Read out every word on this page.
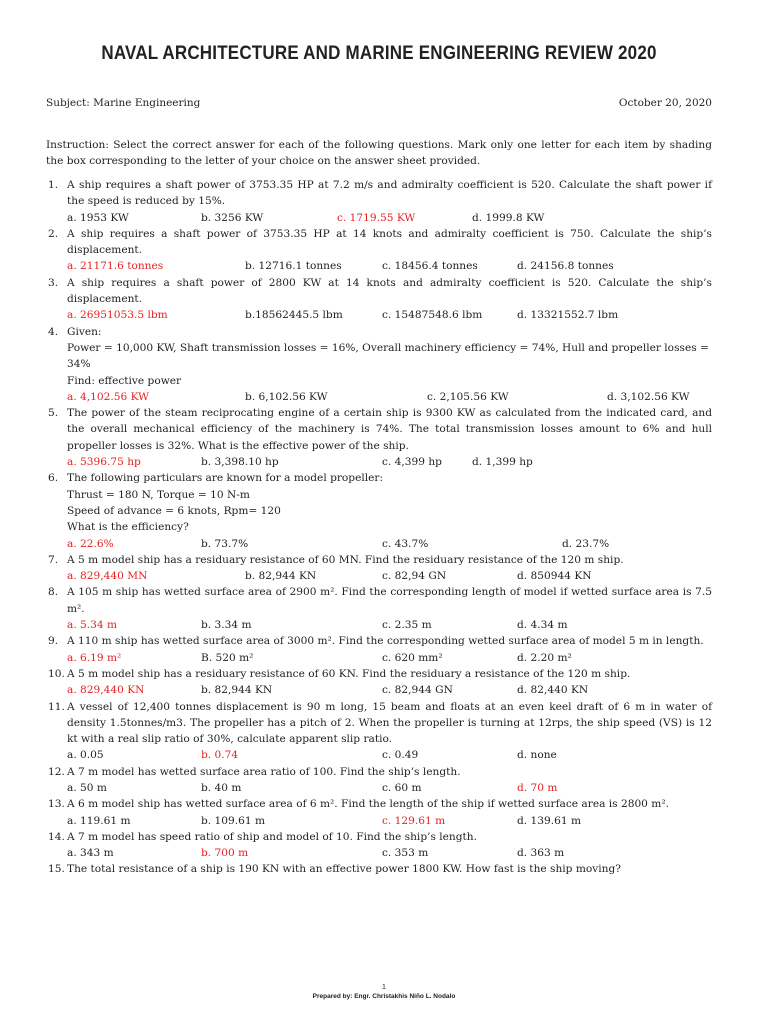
NAVAL ARCHITECTURE AND MARINE ENGINEERING REVIEW 2020
Subject: Marine Engineering	October 20, 2020
Instruction: Select the correct answer for each of the following questions. Mark only one letter for each item by shading the box corresponding to the letter of your choice on the answer sheet provided.
1. A ship requires a shaft power of 3753.35 HP at 7.2 m/s and admiralty coefficient is 520. Calculate the shaft power if the speed is reduced by 15%.
a. 1953 KW	b. 3256 KW	c. 1719.55 KW	d. 1999.8 KW
2. A ship requires a shaft power of 3753.35 HP at 14 knots and admiralty coefficient is 750. Calculate the ship’s displacement.
a. 21171.6 tonnes	b. 12716.1 tonnes	c. 18456.4 tonnes	d. 24156.8 tonnes
3. A ship requires a shaft power of 2800 KW at 14 knots and admiralty coefficient is 520. Calculate the ship’s displacement.
a. 26951053.5 lbm	b.18562445.5 lbm	c. 15487548.6 lbm	d. 13321552.7 lbm
4. Given:
Power = 10,000 KW, Shaft transmission losses = 16%, Overall machinery efficiency = 74%, Hull and propeller losses = 34%
Find: effective power
a. 4,102.56 KW	b. 6,102.56 KW	c. 2,105.56 KW	d. 3,102.56 KW
5. The power of the steam reciprocating engine of a certain ship is 9300 KW as calculated from the indicated card, and the overall mechanical efficiency of the machinery is 74%. The total transmission losses amount to 6% and hull propeller losses is 32%. What is the effective power of the ship.
a. 5396.75 hp	b. 3,398.10 hp	c. 4,399 hp	d. 1,399 hp
6. The following particulars are known for a model propeller:
Thrust = 180 N, Torque = 10 N-m
Speed of advance = 6 knots, Rpm= 120
What is the efficiency?
a. 22.6%	b. 73.7%	c. 43.7%	d. 23.7%
7. A 5 m model ship has a residuary resistance of 60 MN. Find the residuary resistance of the 120 m ship.
a. 829,440 MN	b. 82,944 KN	c. 82,94 GN	d. 850944 KN
8. A 105 m ship has wetted surface area of 2900 m². Find the corresponding length of model if wetted surface area is 7.5 m².
a. 5.34 m	b. 3.34 m	c. 2.35 m	d. 4.34 m
9. A 110 m ship has wetted surface area of 3000 m². Find the corresponding wetted surface area of model 5 m in length.
a. 6.19 m²	B. 520 m²	c. 620 mm²	d. 2.20 m²
10. A 5 m model ship has a residuary resistance of 60 KN. Find the residuary a resistance of the 120 m ship.
a. 829,440 KN	b. 82,944 KN	c. 82,944 GN	d. 82,440 KN
11. A vessel of 12,400 tonnes displacement is 90 m long, 15 beam and floats at an even keel draft of 6 m in water of density 1.5tonnes/m3. The propeller has a pitch of 2. When the propeller is turning at 12rps, the ship speed (VS) is 12 kt with a real slip ratio of 30%, calculate apparent slip ratio.
a. 0.05	b. 0.74	c. 0.49	d. none
12. A 7 m model has wetted surface area ratio of 100. Find the ship’s length.
a. 50 m	b. 40 m	c. 60 m	d. 70 m
13. A 6 m model ship has wetted surface area of 6 m². Find the length of the ship if wetted surface area is 2800 m².
a. 119.61 m	b. 109.61 m	c. 129.61 m	d. 139.61 m
14. A 7 m model has speed ratio of ship and model of 10. Find the ship’s length.
a. 343 m	b. 700 m	c. 353 m	d. 363 m
15. The total resistance of a ship is 190 KN with an effective power 1800 KW. How fast is the ship moving?
1
Prepared by: Engr. Christakhis Niño L. Nodalo
